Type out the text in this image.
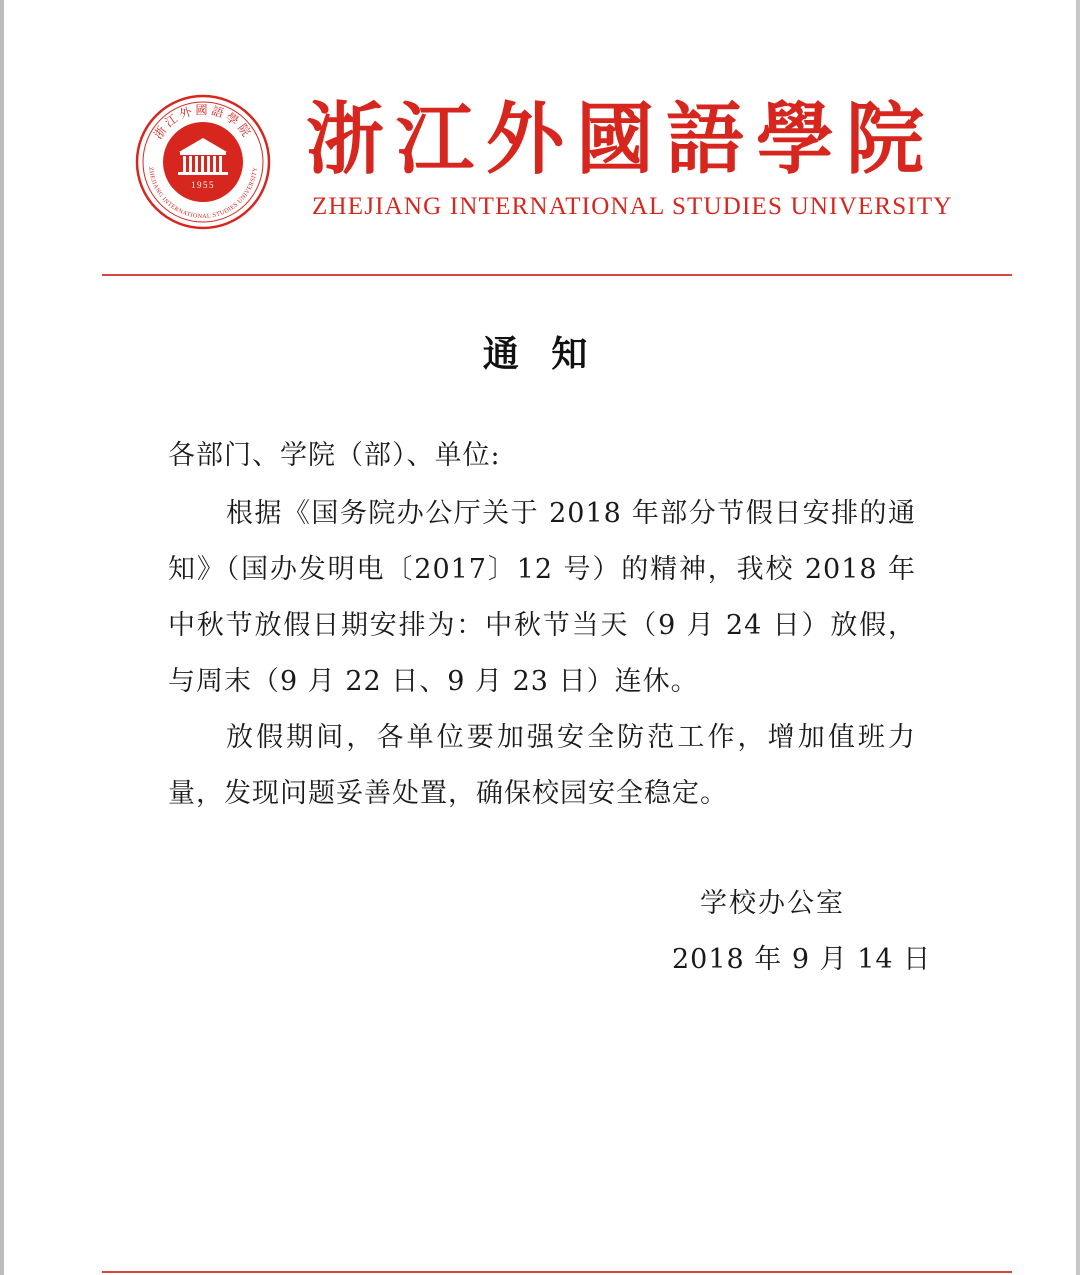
浙江外國語學院
ZHEJIANG INTERNATIONAL STUDIES UNIVERSITY
1955 浙江外國語學院
ZHEJIANG INTERNATIONAL STUDIES UNIVERSITY
通 知
各部门、学院（部）、单位:
根据《国务院办公厅关于 2018 年部分节假日安排的通知》（国办发明电〔2017〕12 号）的精神，我校 2018 年中秋节放假日期安排为：中秋节当天（9 月 24 日）放假，与周末（9 月 22 日、9 月 23 日）连休。
放假期间，各单位要加强安全防范工作，增加值班力量，发现问题妥善处置，确保校园安全稳定。
学校办公室
2018 年 9 月 14 日
